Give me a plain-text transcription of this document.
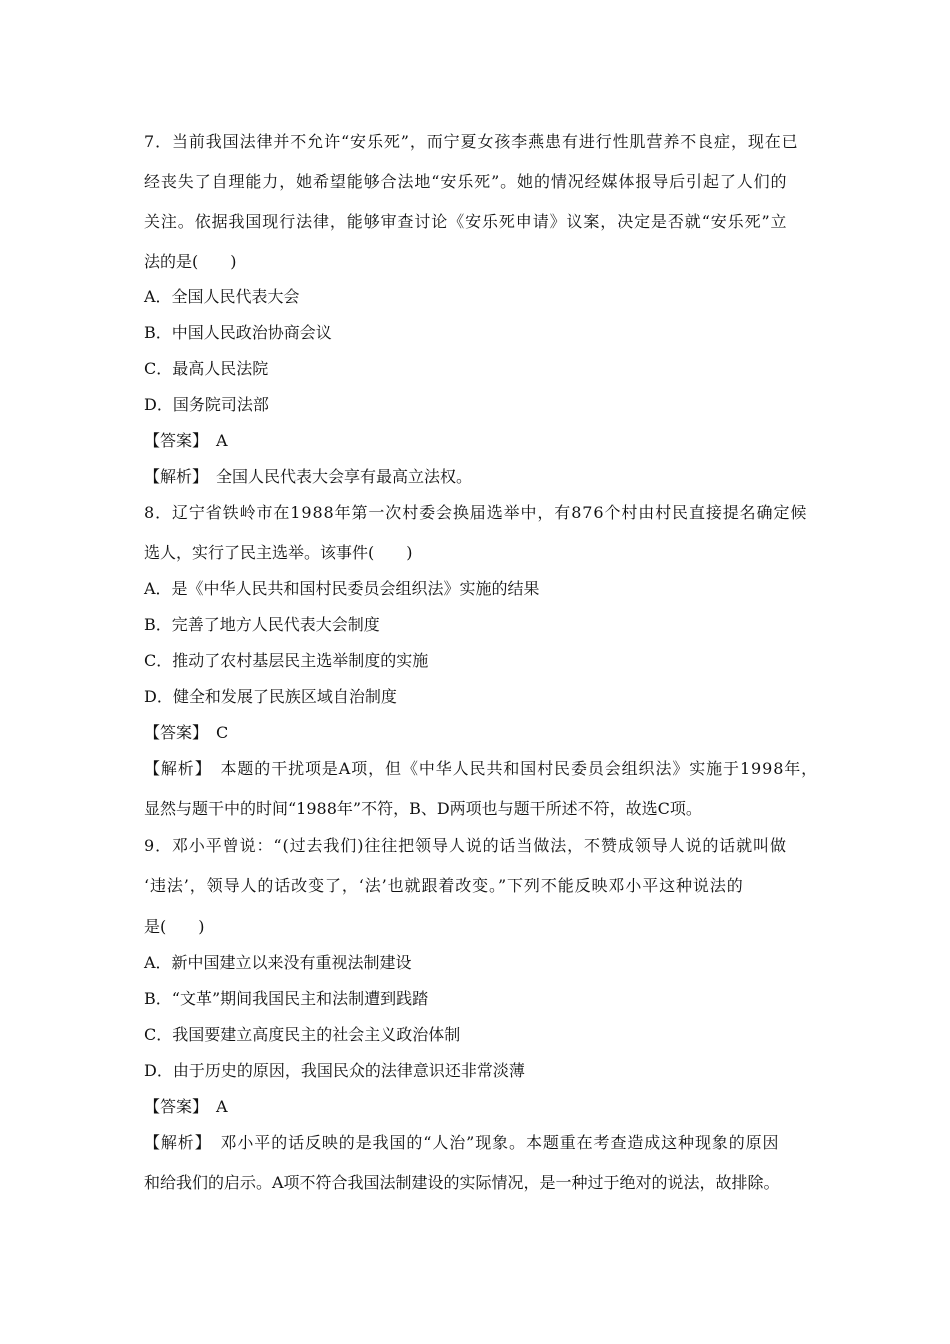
7．当前我国法律并不允许“安乐死”，而宁夏女孩李燕患有进行性肌营养不良症，现在已
经丧失了自理能力，她希望能够合法地“安乐死”。她的情况经媒体报导后引起了人们的
关注。依据我国现行法律，能够审查讨论《安乐死申请》议案，决定是否就“安乐死”立
法的是(　　)
A．全国人民代表大会
B．中国人民政治协商会议
C．最高人民法院
D．国务院司法部
【答案】　A
【解析】　全国人民代表大会享有最高立法权。
8．辽宁省铁岭市在1988年第一次村委会换届选举中，有876个村由村民直接提名确定候
选人，实行了民主选举。该事件(　　)
A．是《中华人民共和国村民委员会组织法》实施的结果
B．完善了地方人民代表大会制度
C．推动了农村基层民主选举制度的实施
D．健全和发展了民族区域自治制度
【答案】　C
【解析】　本题的干扰项是A项，但《中华人民共和国村民委员会组织法》实施于1998年，
显然与题干中的时间“1988年”不符，B、D两项也与题干所述不符，故选C项。
9．邓小平曾说：“(过去我们)往往把领导人说的话当做法，不赞成领导人说的话就叫做
‘违法’，领导人的话改变了，‘法’也就跟着改变。”下列不能反映邓小平这种说法的
是(　　)
A．新中国建立以来没有重视法制建设
B．“文革”期间我国民主和法制遭到践踏
C．我国要建立高度民主的社会主义政治体制
D．由于历史的原因，我国民众的法律意识还非常淡薄
【答案】　A
【解析】　邓小平的话反映的是我国的“人治”现象。本题重在考查造成这种现象的原因
和给我们的启示。A项不符合我国法制建设的实际情况，是一种过于绝对的说法，故排除。
